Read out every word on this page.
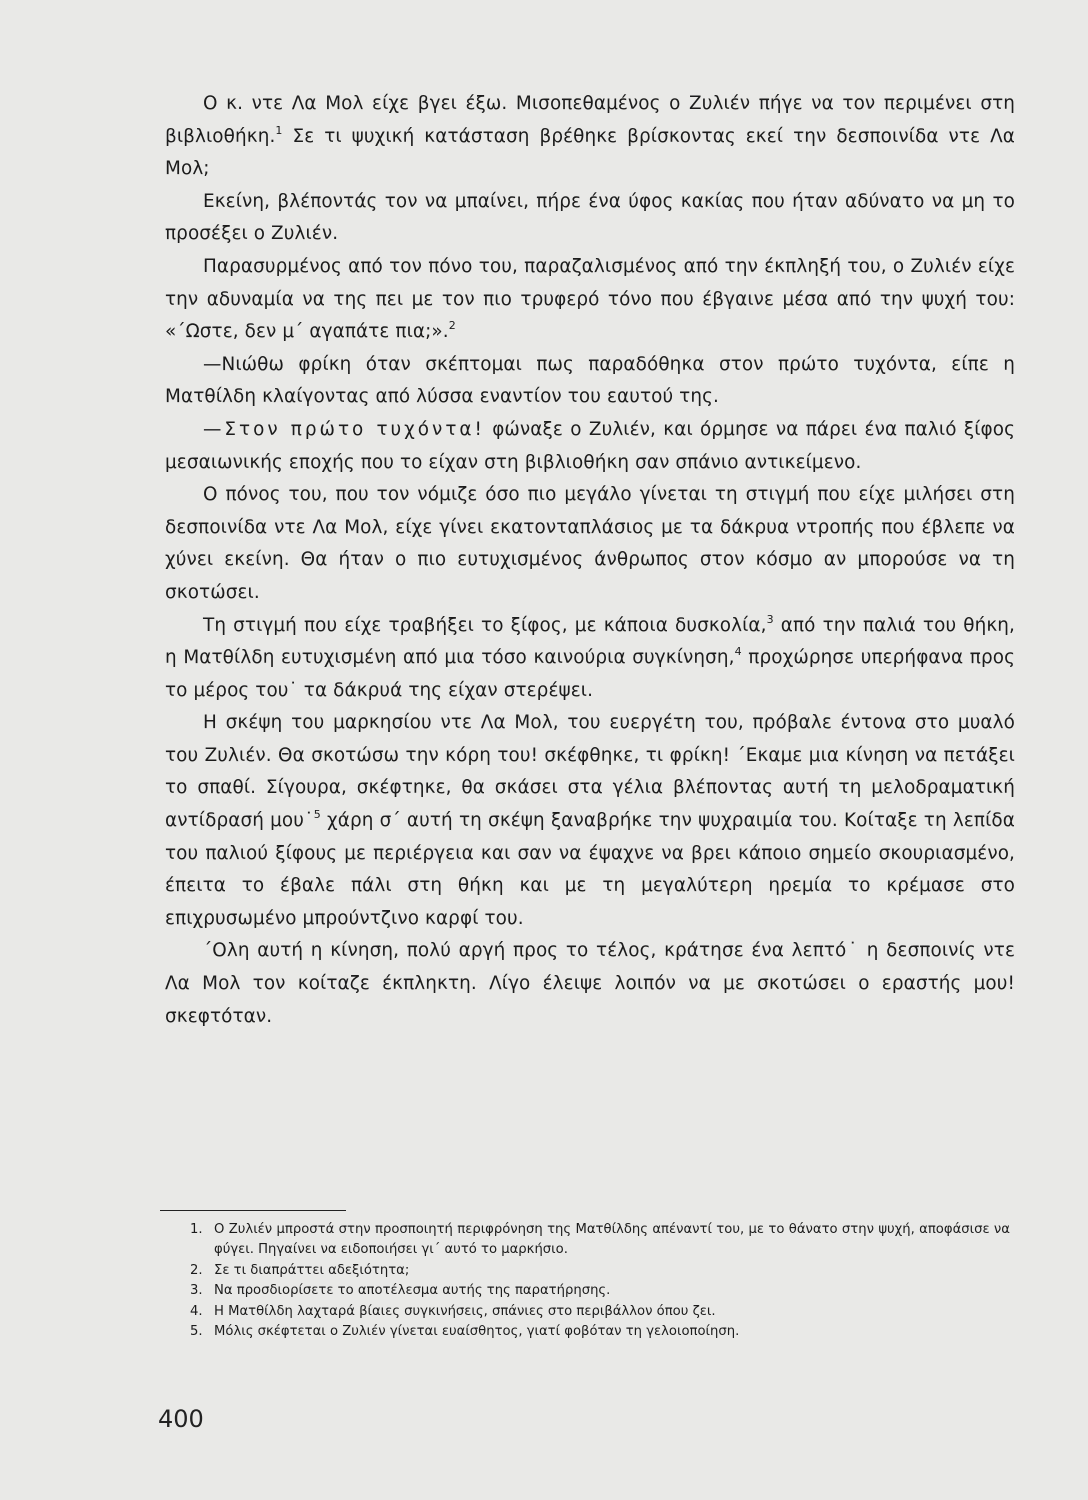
Ο κ. ντε Λα Μολ είχε βγει έξω. Μισοπεθαμένος ο Ζυλιέν πήγε να τον περιμένει στη βιβλιοθήκη.$^1$ Σε τι ψυχική κατάσταση βρέθηκε βρίσκοντας εκεί την δεσποινίδα ντε Λα Μολ;

Εκείνη, βλέποντάς τον να μπαίνει, πήρε ένα ύφος κακίας που ήταν αδύνατο να μη το προσέξει ο Ζυλιέν.

Παρασυρμένος από τον πόνο του, παραζαλισμένος από την έκπληξή του, ο Ζυλιέν είχε την αδυναμία να της πει με τον πιο τρυφερό τόνο που έβγαινε μέσα από την ψυχή του: «΄Ωστε, δεν μ΄ αγαπάτε πια;».$^2$

—Νιώθω φρίκη όταν σκέπτομαι πως παραδόθηκα στον πρώτο τυχόντα, είπε η Ματθίλδη κλαίγοντας από λύσσα εναντίον του εαυτού της.

—Στον πρώτο τυχόντα! φώναξε ο Ζυλιέν, και όρμησε να πάρει ένα παλιό ξίφος μεσαιωνικής εποχής που το είχαν στη βιβλιοθήκη σαν σπάνιο αντικείμενο.

Ο πόνος του, που τον νόμιζε όσο πιο μεγάλο γίνεται τη στιγμή που είχε μιλήσει στη δεσποινίδα ντε Λα Μολ, είχε γίνει εκατονταπλάσιος με τα δάκρυα ντροπής που έβλεπε να χύνει εκείνη. Θα ήταν ο πιο ευτυχισμένος άνθρωπος στον κόσμο αν μπορούσε να τη σκοτώσει.

Τη στιγμή που είχε τραβήξει το ξίφος, με κάποια δυσκολία,$^3$ από την παλιά του θήκη, η Ματθίλδη ευτυχισμένη από μια τόσο καινούρια συγκίνηση,$^4$ προχώρησε υπερήφανα προς το μέρος του˙ τα δάκρυά της είχαν στερέψει.

Η σκέψη του μαρκησίου ντε Λα Μολ, του ευεργέτη του, πρόβαλε έντονα στο μυαλό του Ζυλιέν. Θα σκοτώσω την κόρη του! σκέφθηκε, τι φρίκη! ΄Εκαμε μια κίνηση να πετάξει το σπαθί. Σίγουρα, σκέφτηκε, θα σκάσει στα γέλια βλέποντας αυτή τη μελοδραματική αντίδρασή μου˙$^5$ χάρη σ΄ αυτή τη σκέψη ξαναβρήκε την ψυχραιμία του. Κοίταξε τη λεπίδα του παλιού ξίφους με περιέργεια και σαν να έψαχνε να βρει κάποιο σημείο σκουριασμένο, έπειτα το έβαλε πάλι στη θήκη και με τη μεγαλύτερη ηρεμία το κρέμασε στο επιχρυσωμένο μπρούντζινο καρφί του.

΄Ολη αυτή η κίνηση, πολύ αργή προς το τέλος, κράτησε ένα λεπτό˙ η δεσποινίς ντε Λα Μολ τον κοίταζε έκπληκτη. Λίγο έλειψε λοιπόν να με σκοτώσει ο εραστής μου! σκεφτόταν.

1. Ο Ζυλιέν μπροστά στην προσποιητή περιφρόνηση της Ματθίλδης απέναντί του, με το θάνατο στην ψυχή, αποφάσισε να φύγει. Πηγαίνει να ειδοποιήσει γι΄ αυτό το μαρκήσιο.
2. Σε τι διαπράττει αδεξιότητα;
3. Να προσδιορίσετε το αποτέλεσμα αυτής της παρατήρησης.
4. Η Ματθίλδη λαχταρά βίαιες συγκινήσεις, σπάνιες στο περιβάλλον όπου ζει.
5. Μόλις σκέφτεται ο Ζυλιέν γίνεται ευαίσθητος, γιατί φοβόταν τη γελοιοποίηση.
400
